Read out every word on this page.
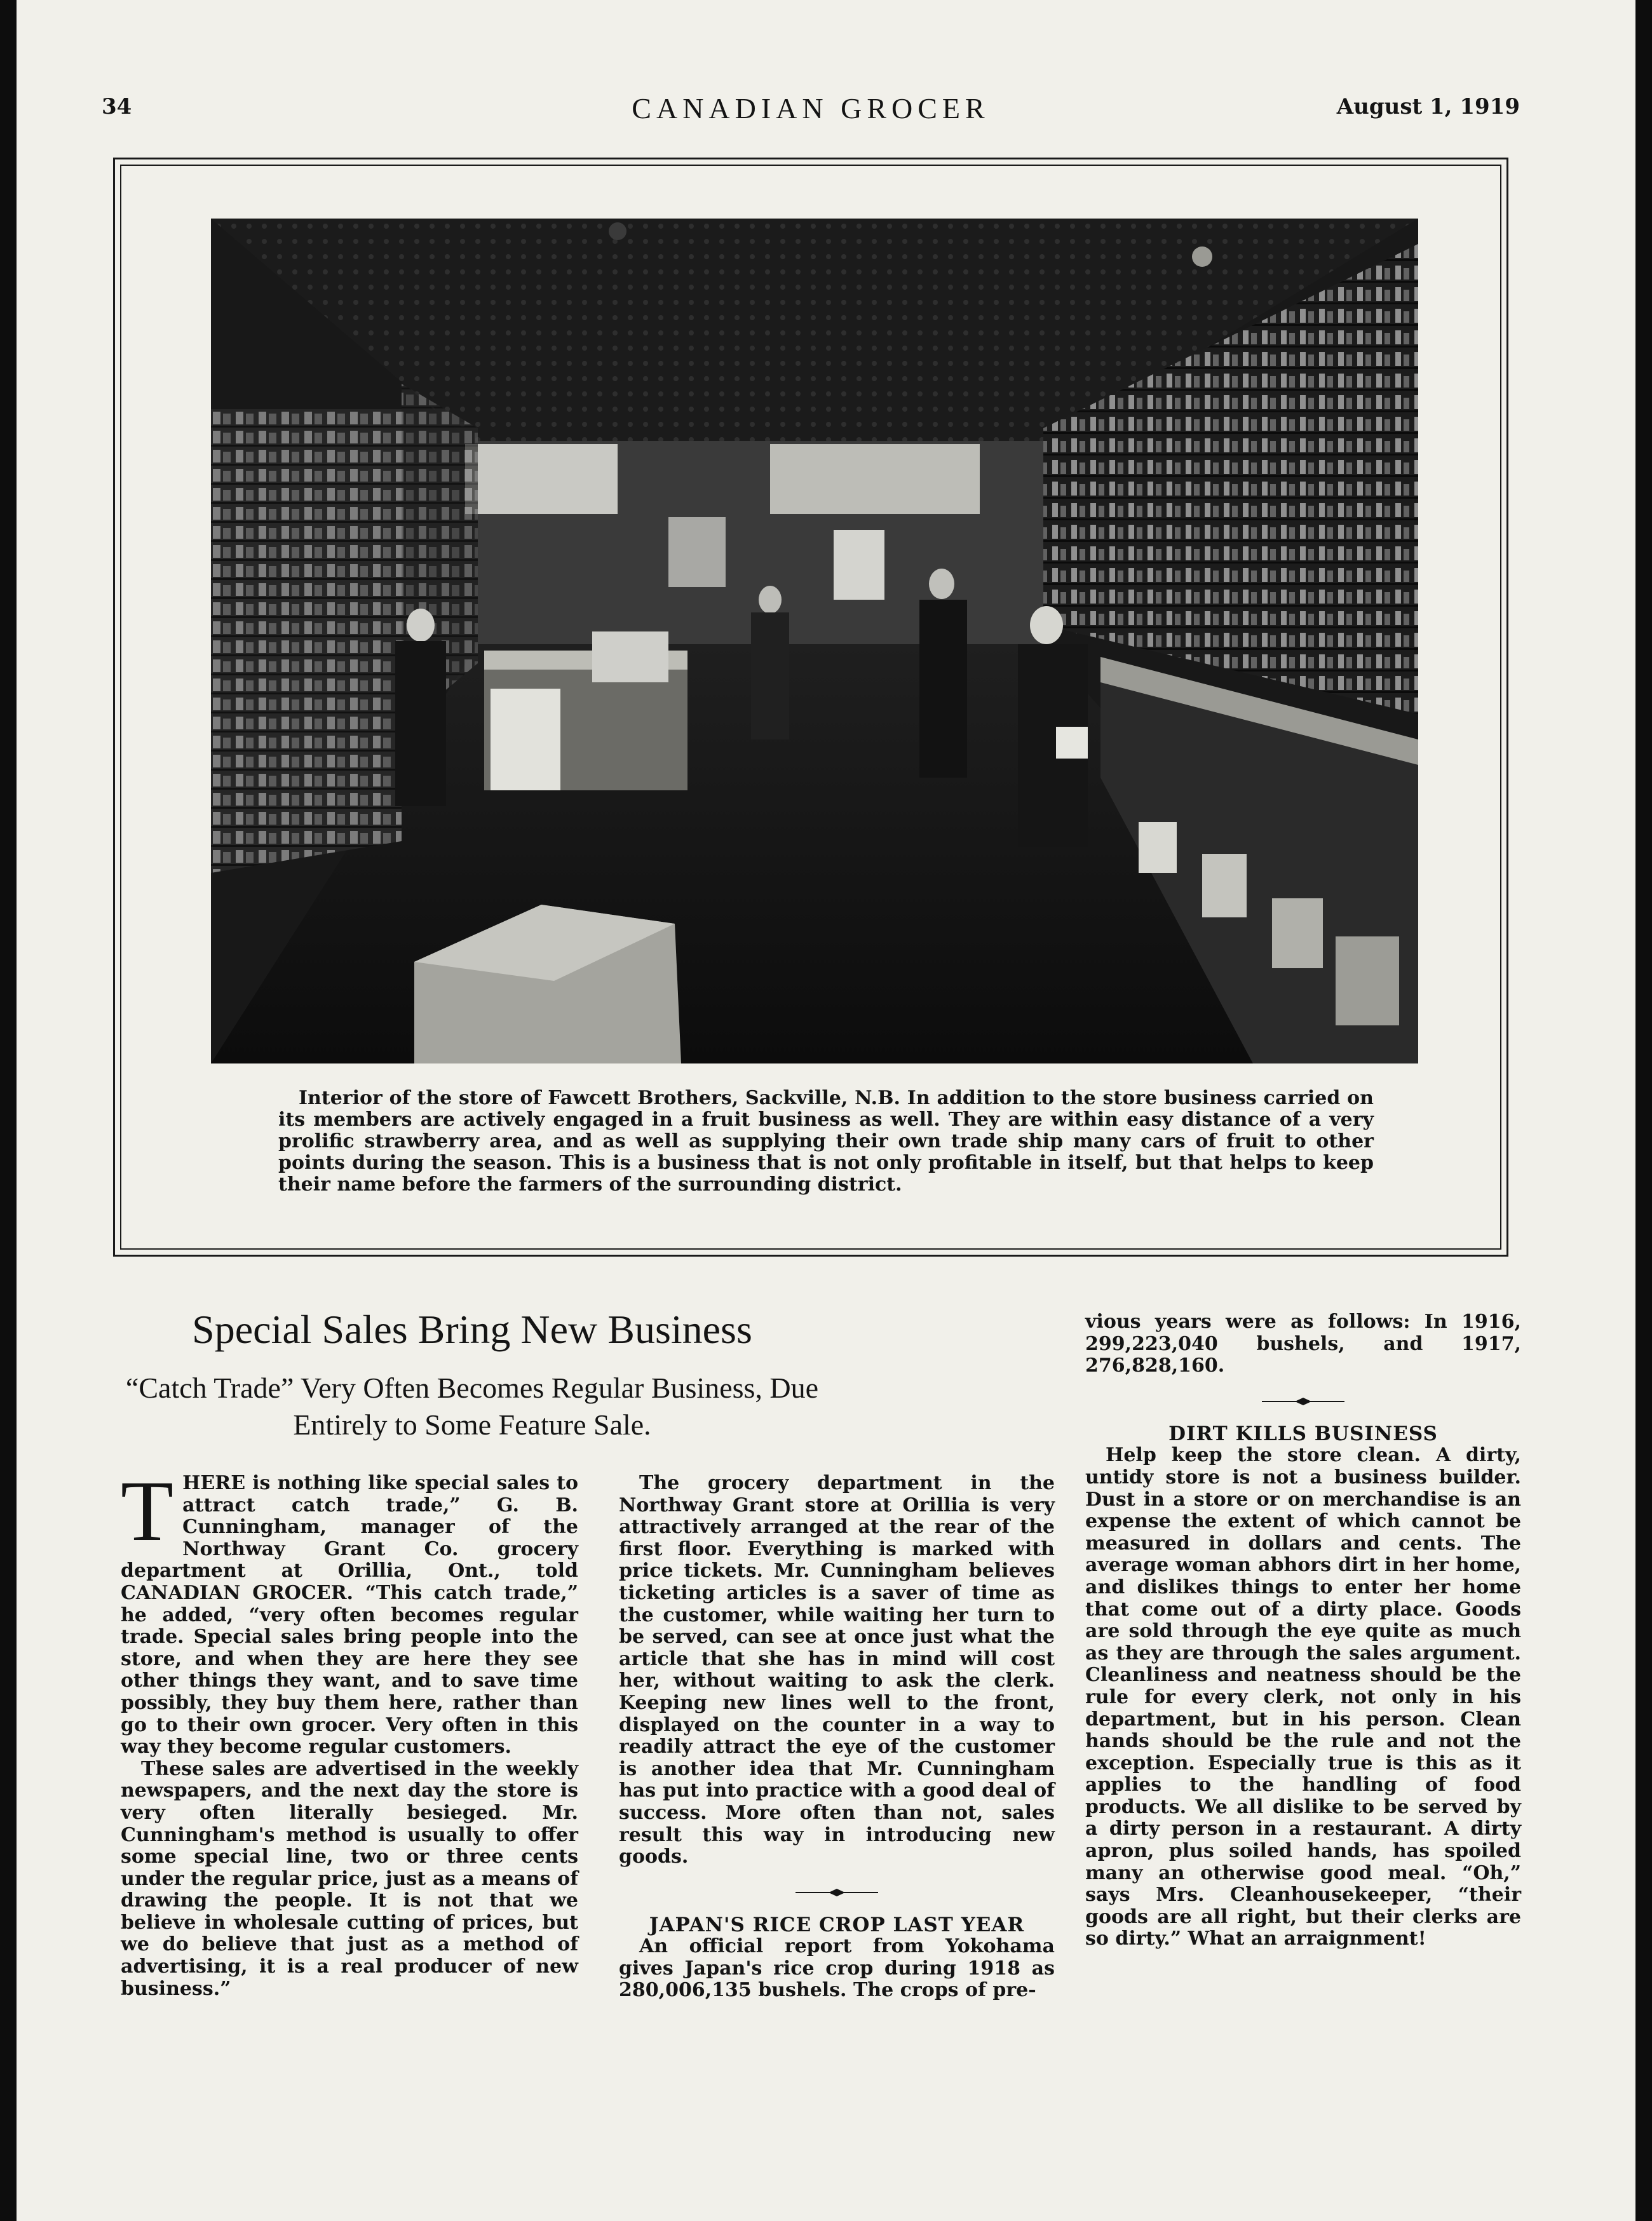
34	CANADIAN GROCER	August 1, 1919
Interior of the store of Fawcett Brothers, Sackville, N.B. In addition to the store business carried on its members are actively engaged in a fruit business as well. They are within easy distance of a very prolific strawberry area, and as well as supplying their own trade ship many cars of fruit to other points during the season. This is a business that is not only profitable in itself, but that helps to keep their name before the farmers of the surrounding district.
Special Sales Bring New Business
“Catch Trade” Very Often Becomes Regular Business, Due Entirely to Some Feature Sale.
T HERE is nothing like special sales to attract catch trade,” G. B. Cunningham, manager of the Northway Grant Co. grocery department at Orillia, Ont., told CANADIAN GROCER. “This catch trade,” he added, “very often becomes regular trade. Special sales bring people into the store, and when they are here they see other things they want, and to save time possibly, they buy them here, rather than go to their own grocer. Very often in this way they become regular customers.

These sales are advertised in the weekly newspapers, and the next day the store is very often literally besieged. Mr. Cunningham's method is usually to offer some special line, two or three cents under the regular price, just as a means of drawing the people. It is not that we believe in wholesale cutting of prices, but we do believe that just as a method of advertising, it is a real producer of new business.”

The grocery department in the Northway Grant store at Orillia is very attractively arranged at the rear of the first floor. Everything is marked with price tickets. Mr. Cunningham believes ticketing articles is a saver of time as the customer, while waiting her turn to be served, can see at once just what the article that she has in mind will cost her, without waiting to ask the clerk. Keeping new lines well to the front, displayed on the counter in a way to readily attract the eye of the customer is another idea that Mr. Cunningham has put into practice with a good deal of success. More often than not, sales result this way in introducing new goods.

JAPAN'S RICE CROP LAST YEAR

An official report from Yokohama gives Japan's rice crop during 1918 as 280,006,135 bushels. The crops of pre-

vious years were as follows: In 1916, 299,223,040 bushels, and 1917, 276,828,160.

DIRT KILLS BUSINESS

Help keep the store clean. A dirty, untidy store is not a business builder. Dust in a store or on merchandise is an expense the extent of which cannot be measured in dollars and cents. The average woman abhors dirt in her home, and dislikes things to enter her home that come out of a dirty place. Goods are sold through the eye quite as much as they are through the sales argument. Cleanliness and neatness should be the rule for every clerk, not only in his department, but in his person. Clean hands should be the rule and not the exception. Especially true is this as it applies to the handling of food products. We all dislike to be served by a dirty person in a restaurant. A dirty apron, plus soiled hands, has spoiled many an otherwise good meal. “Oh,” says Mrs. Cleanhousekeeper, “their goods are all right, but their clerks are so dirty.” What an arraignment!
